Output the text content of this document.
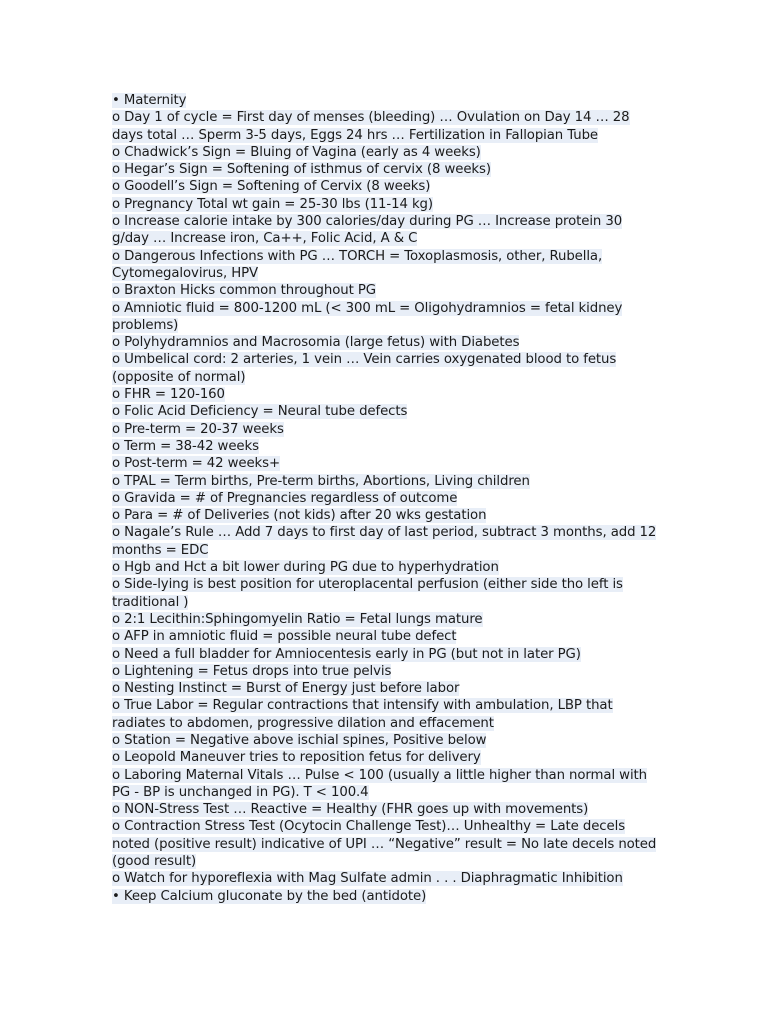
• Maternity
o Day 1 of cycle = First day of menses (bleeding) … Ovulation on Day 14 … 28 days total … Sperm 3-5 days, Eggs 24 hrs … Fertilization in Fallopian Tube
o Chadwick’s Sign = Bluing of Vagina (early as 4 weeks)
o Hegar’s Sign = Softening of isthmus of cervix (8 weeks)
o Goodell’s Sign = Softening of Cervix (8 weeks)
o Pregnancy Total wt gain = 25-30 lbs (11-14 kg)
o Increase calorie intake by 300 calories/day during PG … Increase protein 30 g/day … Increase iron, Ca++, Folic Acid, A & C
o Dangerous Infections with PG … TORCH = Toxoplasmosis, other, Rubella, Cytomegalovirus, HPV
o Braxton Hicks common throughout PG
o Amniotic fluid = 800-1200 mL (< 300 mL = Oligohydramnios = fetal kidney problems)
o Polyhydramnios and Macrosomia (large fetus) with Diabetes
o Umbelical cord: 2 arteries, 1 vein … Vein carries oxygenated blood to fetus (opposite of normal)
o FHR = 120-160
o Folic Acid Deficiency = Neural tube defects
o Pre-term = 20-37 weeks
o Term = 38-42 weeks
o Post-term = 42 weeks+
o TPAL = Term births, Pre-term births, Abortions, Living children
o Gravida = # of Pregnancies regardless of outcome
o Para = # of Deliveries (not kids) after 20 wks gestation
o Nagale’s Rule … Add 7 days to first day of last period, subtract 3 months, add 12 months = EDC
o Hgb and Hct a bit lower during PG due to hyperhydration
o Side-lying is best position for uteroplacental perfusion (either side tho left is traditional )
o 2:1 Lecithin:Sphingomyelin Ratio = Fetal lungs mature
o AFP in amniotic fluid = possible neural tube defect
o Need a full bladder for Amniocentesis early in PG (but not in later PG)
o Lightening = Fetus drops into true pelvis
o Nesting Instinct = Burst of Energy just before labor
o True Labor = Regular contractions that intensify with ambulation, LBP that radiates to abdomen, progressive dilation and effacement
o Station = Negative above ischial spines, Positive below
o Leopold Maneuver tries to reposition fetus for delivery
o Laboring Maternal Vitals … Pulse < 100 (usually a little higher than normal with PG - BP is unchanged in PG). T < 100.4
o NON-Stress Test … Reactive = Healthy (FHR goes up with movements)
o Contraction Stress Test (Ocytocin Challenge Test)… Unhealthy = Late decels noted (positive result) indicative of UPI … “Negative” result = No late decels noted (good result)
o Watch for hyporeflexia with Mag Sulfate admin . . . Diaphragmatic Inhibition
• Keep Calcium gluconate by the bed (antidote)
